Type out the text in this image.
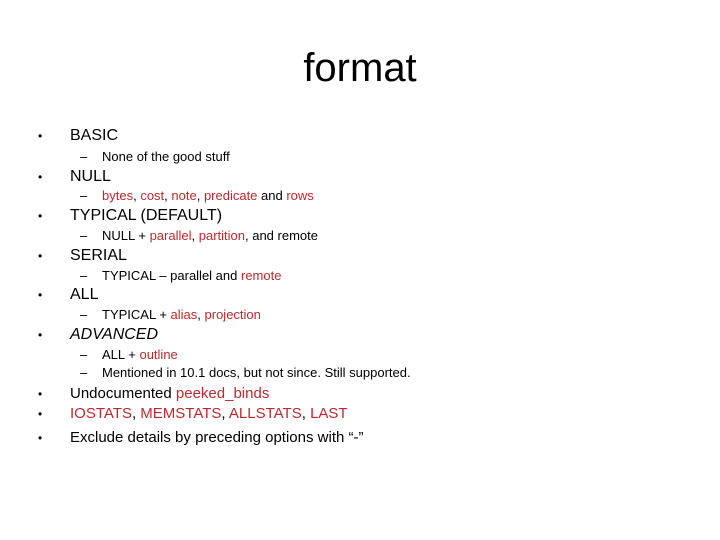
format
• BASIC
– None of the good stuff
• NULL
– bytes, cost, note, predicate and rows
• TYPICAL (DEFAULT)
– NULL + parallel, partition, and remote
• SERIAL
– TYPICAL – parallel and remote
• ALL
– TYPICAL + alias, projection
• ADVANCED
– ALL + outline
– Mentioned in 10.1 docs, but not since. Still supported.
• Undocumented peeked_binds
• IOSTATS, MEMSTATS, ALLSTATS, LAST
• Exclude details by preceding options with “-”
